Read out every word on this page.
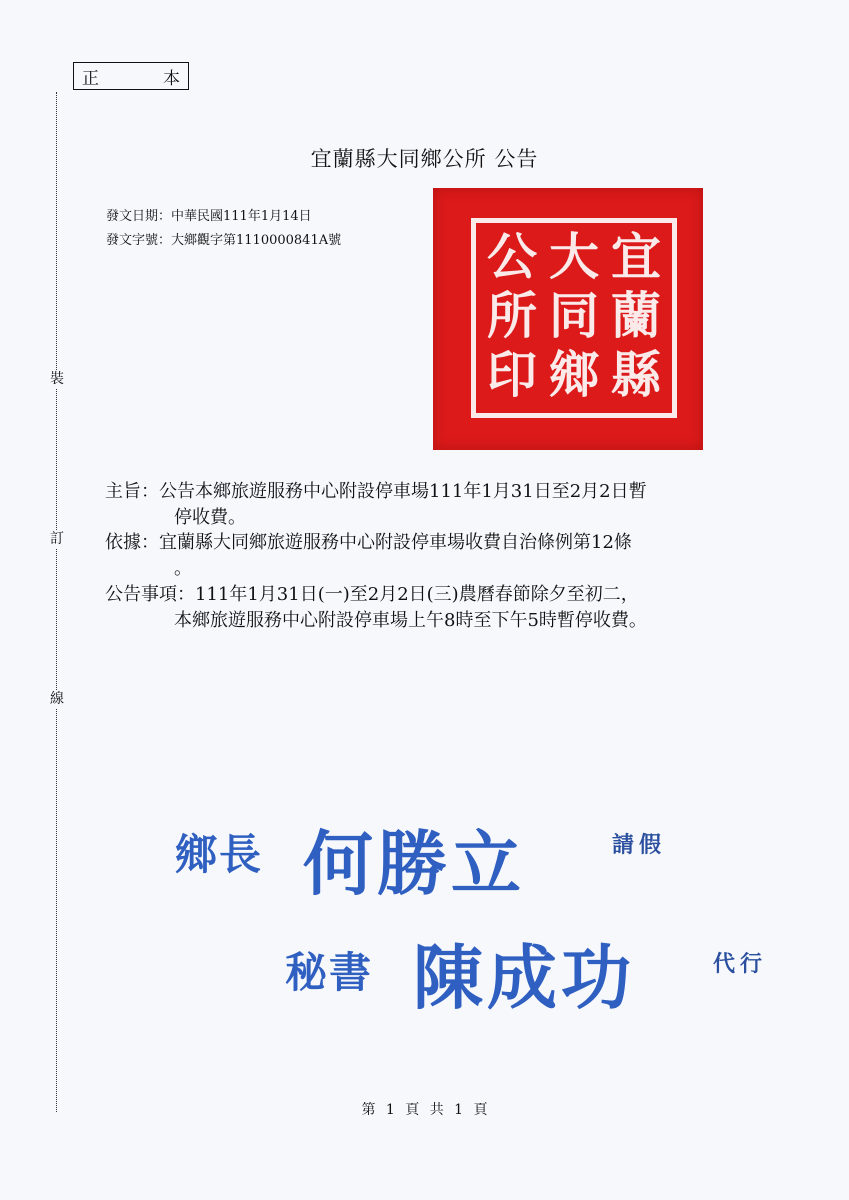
正	本
裝
訂
線
宜蘭縣大同鄉公所 公告
發文日期：中華民國111年1月14日
發文字號：大鄉觀字第1110000841A號	公 大 宜
所 同 蘭
印 鄉 縣
主旨：公告本鄉旅遊服務中心附設停車場111年1月31日至2月2日暫
停收費。
依據：宜蘭縣大同鄉旅遊服務中心附設停車場收費自治條例第12條
。
公告事項：111年1月31日(一)至2月2日(三)農曆春節除夕至初二，
本鄉旅遊服務中心附設停車場上午8時至下午5時暫停收費。
鄉長 何勝立	請假
秘書 陳成功	代行
第 1 頁 共 1 頁
